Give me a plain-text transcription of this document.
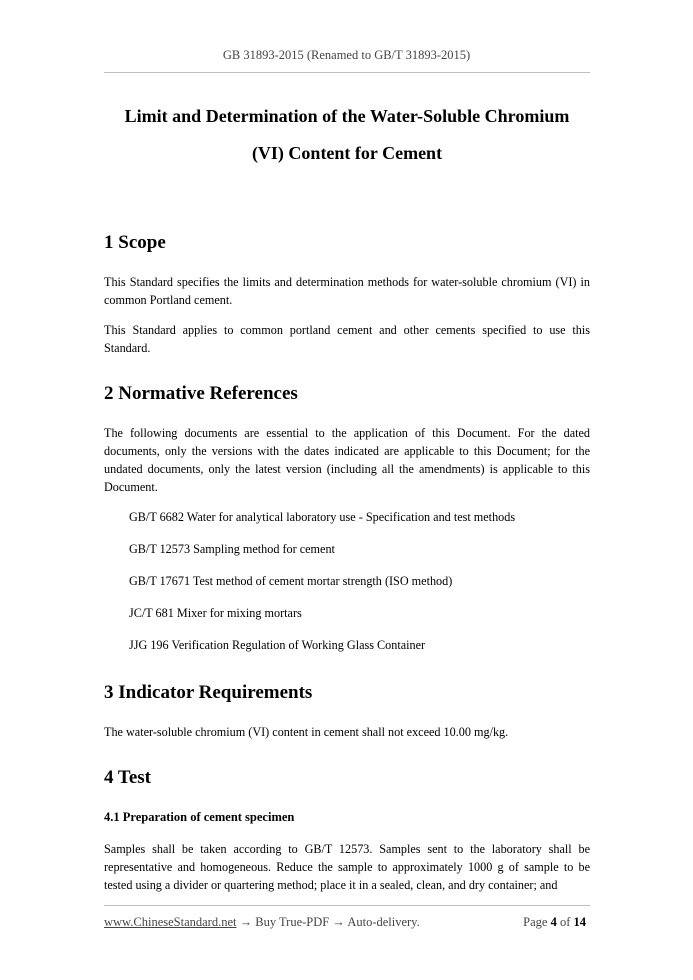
GB 31893-2015 (Renamed to GB/T 31893-2015)
Limit and Determination of the Water-Soluble Chromium
(VI) Content for Cement
1 Scope

This Standard specifies the limits and determination methods for water-soluble chromium (VI) in common Portland cement.

This Standard applies to common portland cement and other cements specified to use this Standard.

2 Normative References

The following documents are essential to the application of this Document. For the dated documents, only the versions with the dates indicated are applicable to this Document; for the undated documents, only the latest version (including all the amendments) is applicable to this Document.

GB/T 6682 Water for analytical laboratory use - Specification and test methods
GB/T 12573 Sampling method for cement
GB/T 17671 Test method of cement mortar strength (ISO method)
JC/T 681 Mixer for mixing mortars
JJG 196 Verification Regulation of Working Glass Container
3 Indicator Requirements

The water-soluble chromium (VI) content in cement shall not exceed 10.00 mg/kg.

4 Test
4.1 Preparation of cement specimen

Samples shall be taken according to GB/T 12573. Samples sent to the laboratory shall be representative and homogeneous. Reduce the sample to approximately 1000 g of sample to be tested using a divider or quartering method; place it in a sealed, clean, and dry container; and

www.ChineseStandard.net → Buy True-PDF → Auto-delivery.	Page 4 of 14
